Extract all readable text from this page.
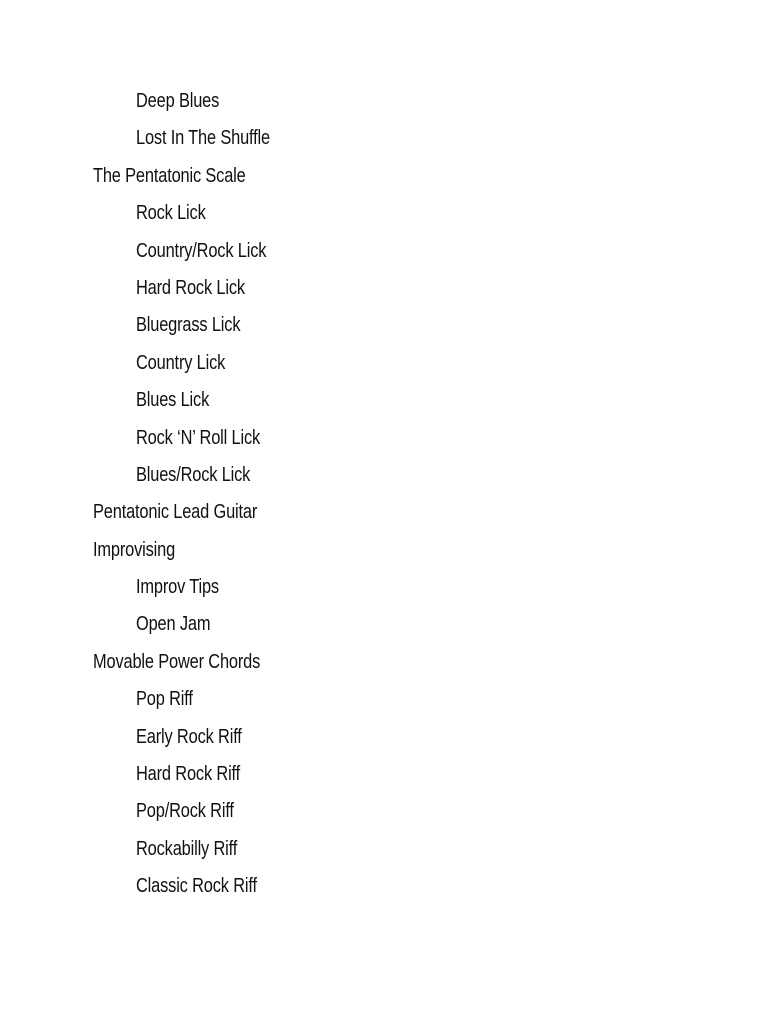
Deep Blues
Lost In The Shuffle
The Pentatonic Scale
Rock Lick
Country/Rock Lick
Hard Rock Lick
Bluegrass Lick
Country Lick
Blues Lick
Rock ‘N’ Roll Lick
Blues/Rock Lick
Pentatonic Lead Guitar
Improvising
Improv Tips
Open Jam
Movable Power Chords
Pop Riff
Early Rock Riff
Hard Rock Riff
Pop/Rock Riff
Rockabilly Riff
Classic Rock Riff
